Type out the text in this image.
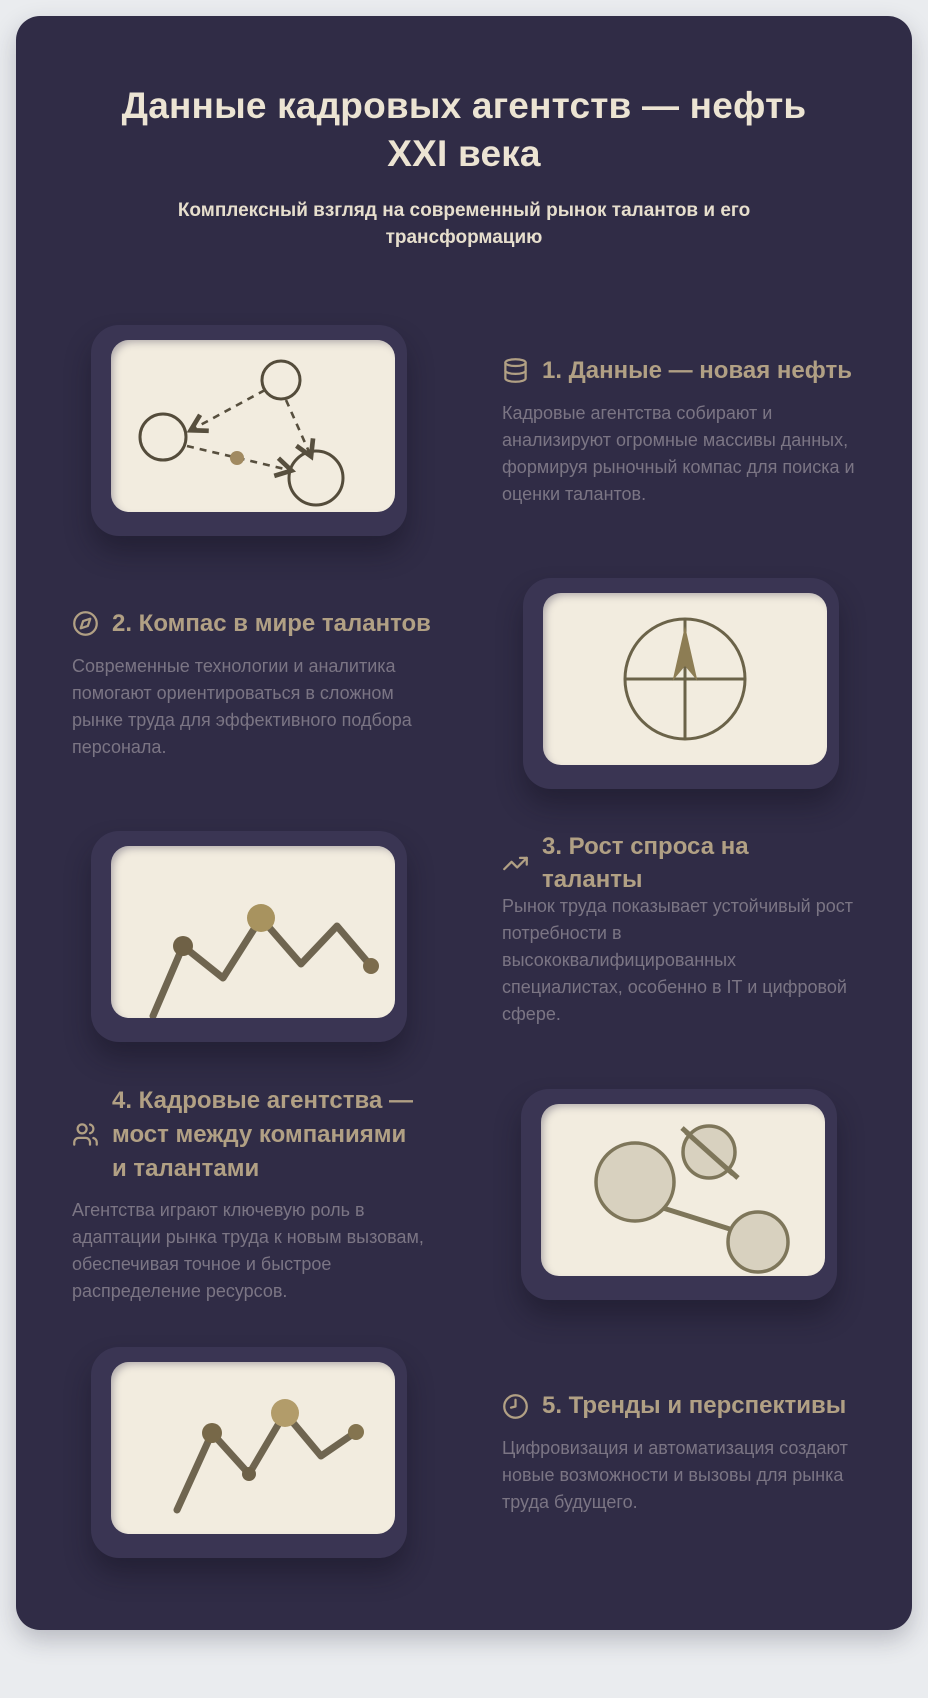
Данные кадровых агентств — нефть XXI века

Комплексный взгляд на современный рынок талантов и его трансформацию

1. Данные — новая нефть

Кадровые агентства собирают и анализируют огромные массивы данных, формируя рыночный компас для поиска и оценки талантов.

2. Компас в мире талантов

Современные технологии и аналитика помогают ориентироваться в сложном рынке труда для эффективного подбора персонала.

3. Рост спроса на таланты

Рынок труда показывает устойчивый рост потребности в высококвалифицированных специалистах, особенно в IT и цифровой сфере.

4. Кадровые агентства — мост между компаниями и талантами

Агентства играют ключевую роль в адаптации рынка труда к новым вызовам, обеспечивая точное и быстрое распределение ресурсов.

5. Тренды и перспективы

Цифровизация и автоматизация создают новые возможности и вызовы для рынка труда будущего.
